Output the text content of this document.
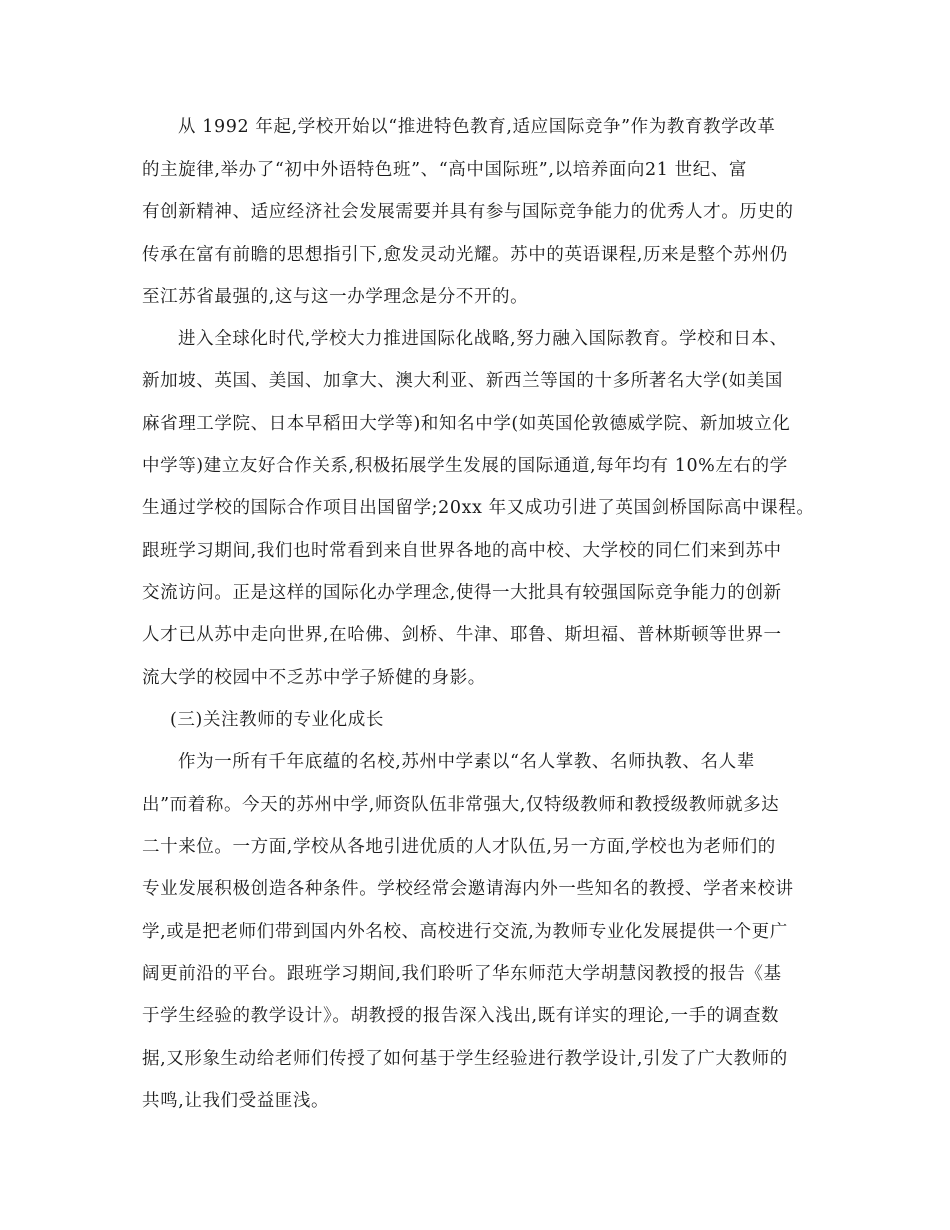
从 1992 年起,学校开始以“推进特色教育,适应国际竞争”作为教育教学改革
的主旋律,举办了“初中外语特色班”、“高中国际班”,以培养面向21 世纪、富
有创新精神、适应经济社会发展需要并具有参与国际竞争能力的优秀人才。历史的
传承在富有前瞻的思想指引下,愈发灵动光耀。苏中的英语课程,历来是整个苏州仍
至江苏省最强的,这与这一办学理念是分不开的。
进入全球化时代,学校大力推进国际化战略,努力融入国际教育。学校和日本、
新加坡、英国、美国、加拿大、澳大利亚、新西兰等国的十多所著名大学(如美国
麻省理工学院、日本早稻田大学等)和知名中学(如英国伦敦德威学院、新加坡立化
中学等)建立友好合作关系,积极拓展学生发展的国际通道,每年均有 10%左右的学
生通过学校的国际合作项目出国留学;20xx 年又成功引进了英国剑桥国际高中课程。
跟班学习期间,我们也时常看到来自世界各地的高中校、大学校的同仁们来到苏中
交流访问。正是这样的国际化办学理念,使得一大批具有较强国际竞争能力的创新
人才已从苏中走向世界,在哈佛、剑桥、牛津、耶鲁、斯坦福、普林斯顿等世界一
流大学的校园中不乏苏中学子矫健的身影。
(三)关注教师的专业化成长
作为一所有千年底蕴的名校,苏州中学素以“名人掌教、名师执教、名人辈
出”而着称。今天的苏州中学,师资队伍非常强大,仅特级教师和教授级教师就多达
二十来位。一方面,学校从各地引进优质的人才队伍,另一方面,学校也为老师们的
专业发展积极创造各种条件。学校经常会邀请海内外一些知名的教授、学者来校讲
学,或是把老师们带到国内外名校、高校进行交流,为教师专业化发展提供一个更广
阔更前沿的平台。跟班学习期间,我们聆听了华东师范大学胡慧闵教授的报告《基
于学生经验的教学设计》。胡教授的报告深入浅出,既有详实的理论,一手的调查数
据,又形象生动给老师们传授了如何基于学生经验进行教学设计,引发了广大教师的
共鸣,让我们受益匪浅。
